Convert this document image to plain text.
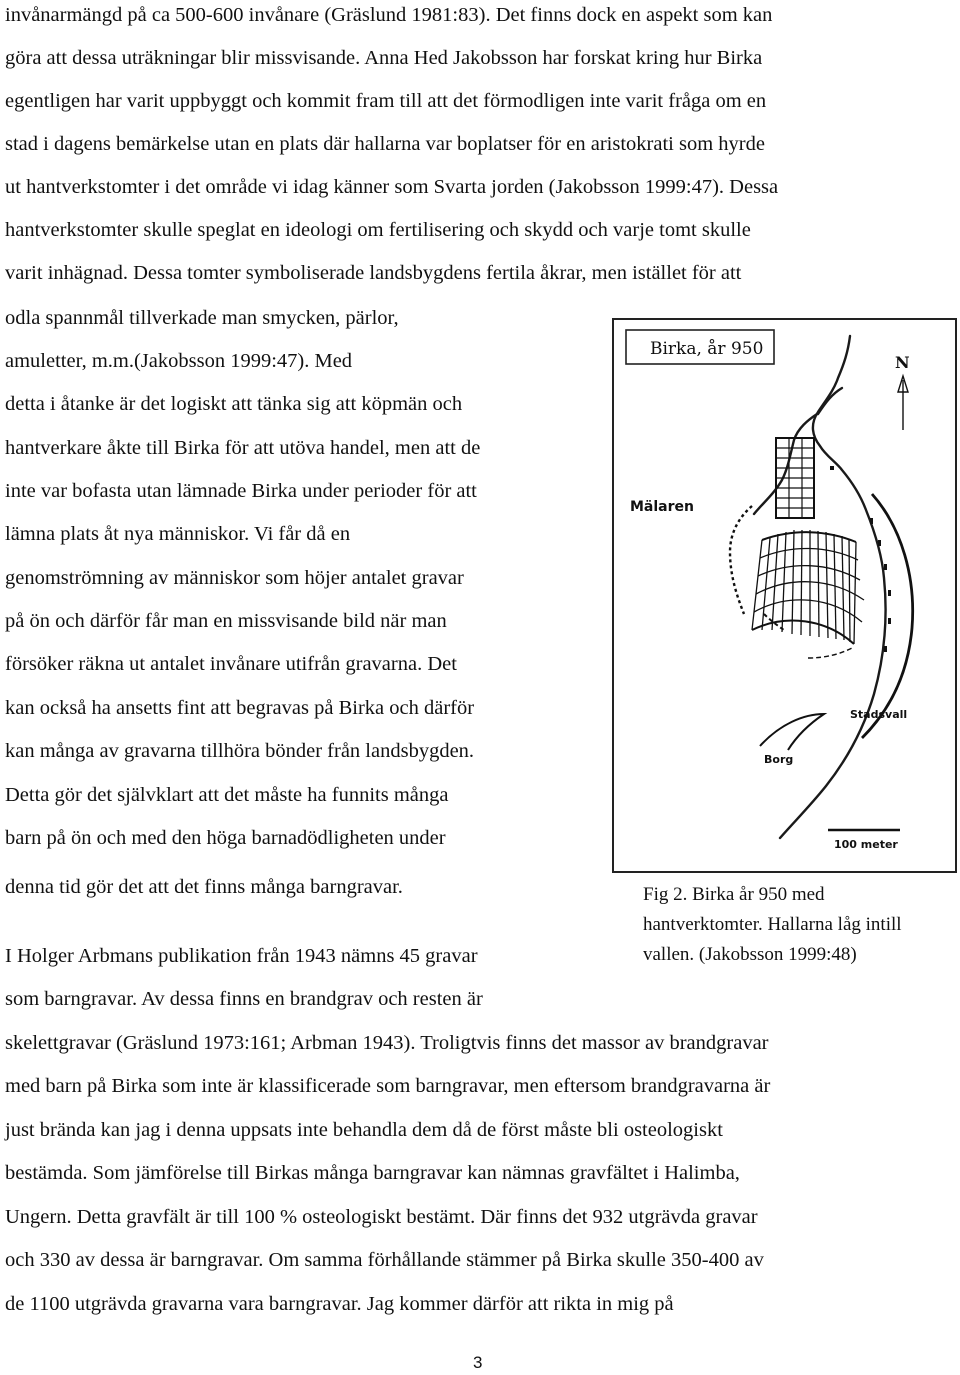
invånarmängd på ca 500-600 invånare (Gräslund 1981:83). Det finns dock en aspekt som kan
göra att dessa uträkningar blir missvisande. Anna Hed Jakobsson har forskat kring hur Birka
egentligen har varit uppbyggt och kommit fram till att det förmodligen inte varit fråga om en
stad i dagens bemärkelse utan en plats där hallarna var boplatser för en aristokrati som hyrde
ut hantverkstomter i det område vi idag känner som Svarta jorden (Jakobsson 1999:47). Dessa
hantverkstomter skulle speglat en ideologi om fertilisering och skydd och varje tomt skulle
varit inhägnad. Dessa tomter symboliserade landsbygdens fertila åkrar, men istället för att
odla spannmål tillverkade man smycken, pärlor,
amuletter, m.m.(Jakobsson 1999:47). Med
detta i åtanke är det logiskt att tänka sig att köpmän och
hantverkare åkte till Birka för att utöva handel, men att de
inte var bofasta utan lämnade Birka under perioder för att
lämna plats åt nya människor. Vi får då en
genomströmning av människor som höjer antalet gravar
på ön och därför får man en missvisande bild när man
försöker räkna ut antalet invånare utifrån gravarna. Det
kan också ha ansetts fint att begravas på Birka och därför
kan många av gravarna tillhöra bönder från landsbygden.
Detta gör det självklart att det måste ha funnits många
barn på ön och med den höga barnadödligheten under
denna tid gör det att det finns många barngravar.
I Holger Arbmans publikation från 1943 nämns 45 gravar
som barngravar. Av dessa finns en brandgrav och resten är
skelettgravar (Gräslund 1973:161; Arbman 1943). Troligtvis finns det massor av brandgravar
med barn på Birka som inte är klassificerade som barngravar, men eftersom brandgravarna är
just brända kan jag i denna uppsats inte behandla dem då de först måste bli osteologiskt
bestämda. Som jämförelse till Birkas många barngravar kan nämnas gravfältet i Halimba,
Ungern. Detta gravfält är till 100 % osteologiskt bestämt. Där finns det 932 utgrävda gravar
och 330 av dessa är barngravar. Om samma förhållande stämmer på Birka skulle 350-400 av
de 1100 utgrävda gravarna vara barngravar. Jag kommer därför att rikta in mig på
Birka, år 950
N
Mälaren
Stadsvall
Borg
100 meter
Fig 2. Birka år 950 med
hantverktomter. Hallarna låg intill
vallen. (Jakobsson 1999:48)
3
